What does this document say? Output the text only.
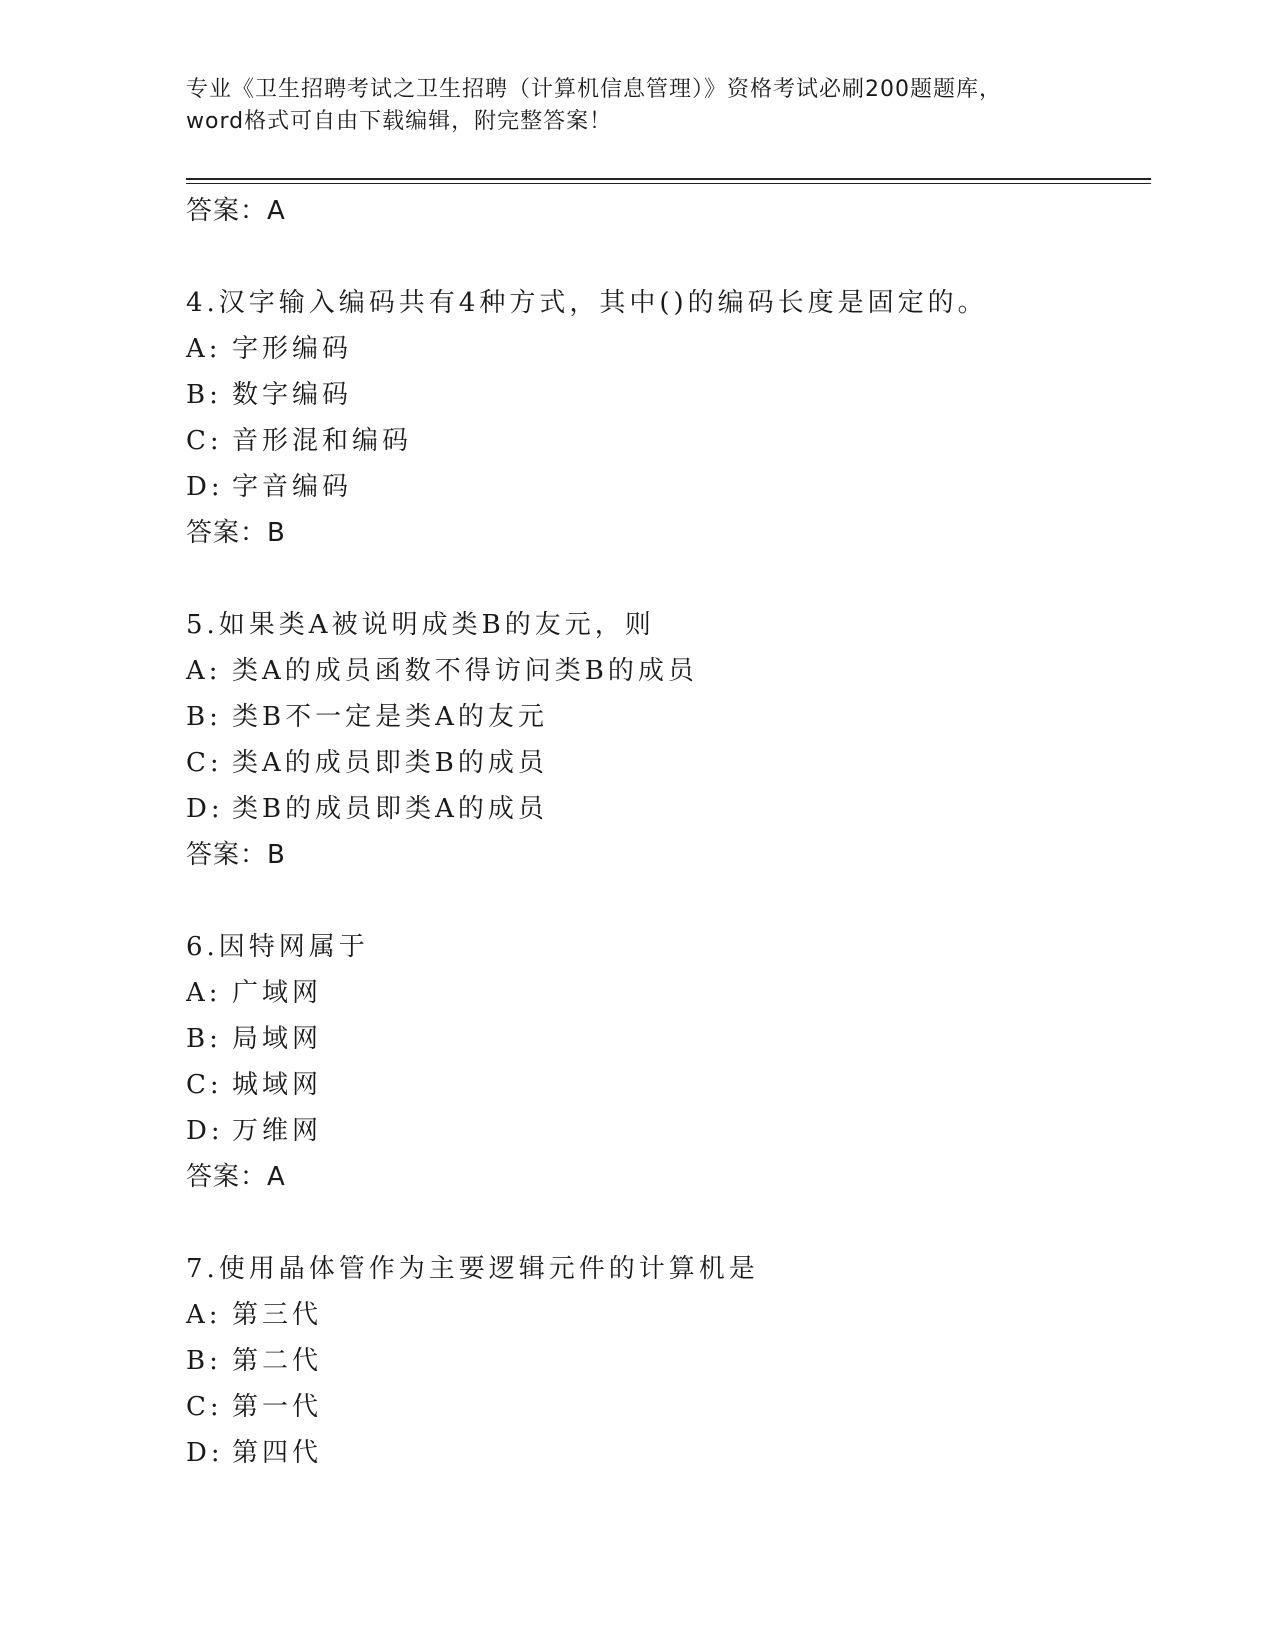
专业《卫生招聘考试之卫生招聘（计算机信息管理）》资格考试必刷200题题库，
word格式可自由下载编辑，附完整答案！
答案：A
4.汉字输入编码共有4种方式，其中()的编码长度是固定的。
A: 字形编码
B: 数字编码
C: 音形混和编码
D: 字音编码
答案：B
5.如果类A被说明成类B的友元，则
A: 类A的成员函数不得访问类B的成员
B: 类B不一定是类A的友元
C: 类A的成员即类B的成员
D: 类B的成员即类A的成员
答案：B
6.因特网属于
A: 广域网
B: 局域网
C: 城域网
D: 万维网
答案：A
7.使用晶体管作为主要逻辑元件的计算机是
A: 第三代
B: 第二代
C: 第一代
D: 第四代
